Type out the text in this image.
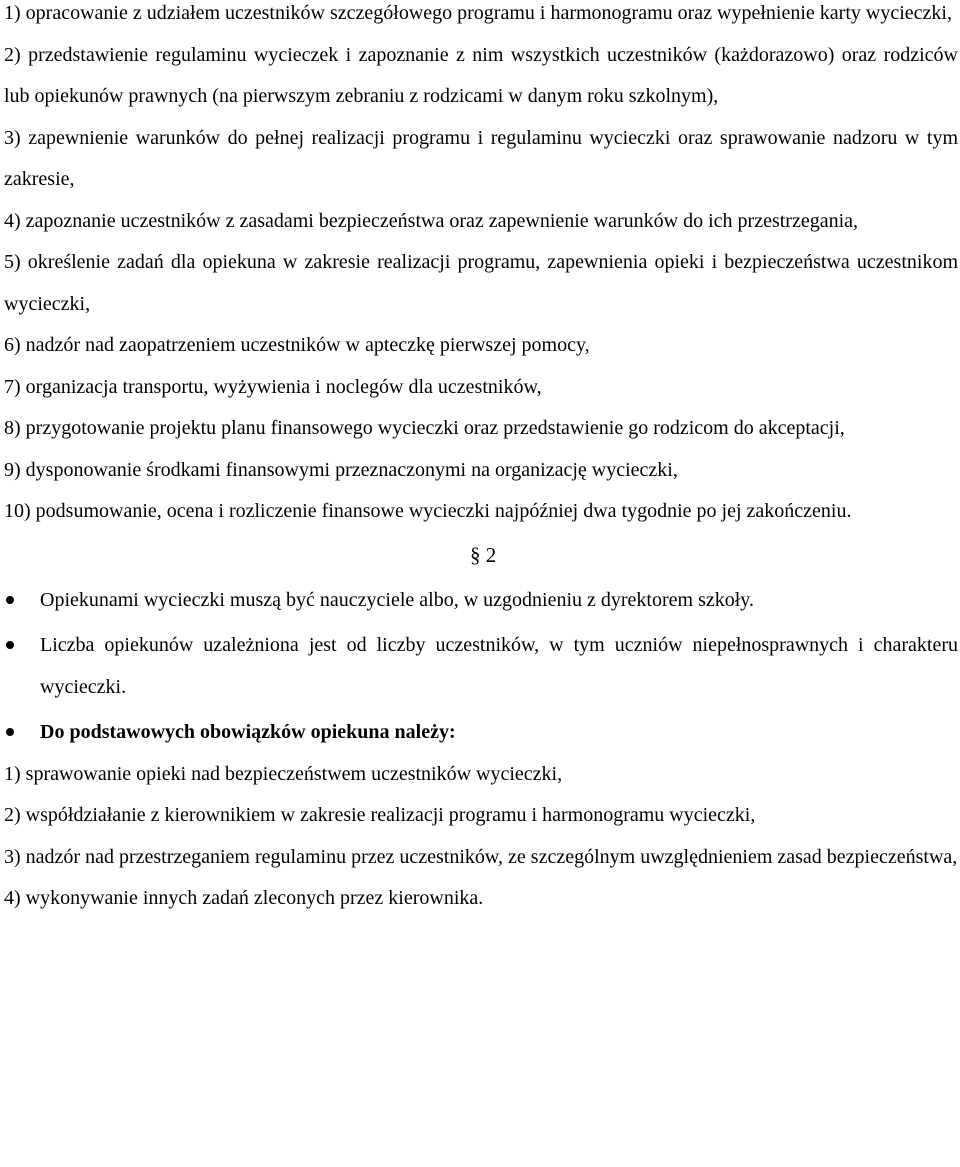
1) opracowanie z udziałem uczestników szczegółowego programu i harmonogramu oraz wypełnienie karty wycieczki,

2) przedstawienie regulaminu wycieczek i zapoznanie z nim wszystkich uczestników (każdorazowo) oraz rodziców lub opiekunów prawnych (na pierwszym zebraniu z rodzicami w danym roku szkolnym),

3) zapewnienie warunków do pełnej realizacji programu i regulaminu wycieczki oraz sprawowanie nadzoru w tym zakresie,

4) zapoznanie uczestników z zasadami bezpieczeństwa oraz zapewnienie warunków do ich przestrzegania,

5) określenie zadań dla opiekuna w zakresie realizacji programu, zapewnienia opieki i bezpieczeństwa uczestnikom wycieczki,

6) nadzór nad zaopatrzeniem uczestników w apteczkę pierwszej pomocy,

7) organizacja transportu, wyżywienia i noclegów dla uczestników,

8) przygotowanie projektu planu finansowego wycieczki oraz przedstawienie go rodzicom do akceptacji,

9) dysponowanie środkami finansowymi przeznaczonymi na organizację wycieczki,

10) podsumowanie, ocena i rozliczenie finansowe wycieczki najpóźniej dwa tygodnie po jej zakończeniu.

§ 2
Opiekunami wycieczki muszą być nauczyciele albo, w uzgodnieniu z dyrektorem szkoły.
Liczba opiekunów uzależniona jest od liczby uczestników, w tym uczniów niepełnosprawnych i charakteru wycieczki.
Do podstawowych obowiązków opiekuna należy:

1) sprawowanie opieki nad bezpieczeństwem uczestników wycieczki,

2) współdziałanie z kierownikiem w zakresie realizacji programu i harmonogramu wycieczki,

3) nadzór nad przestrzeganiem regulaminu przez uczestników, ze szczególnym uwzględnieniem zasad bezpieczeństwa,

4) wykonywanie innych zadań zleconych przez kierownika.
